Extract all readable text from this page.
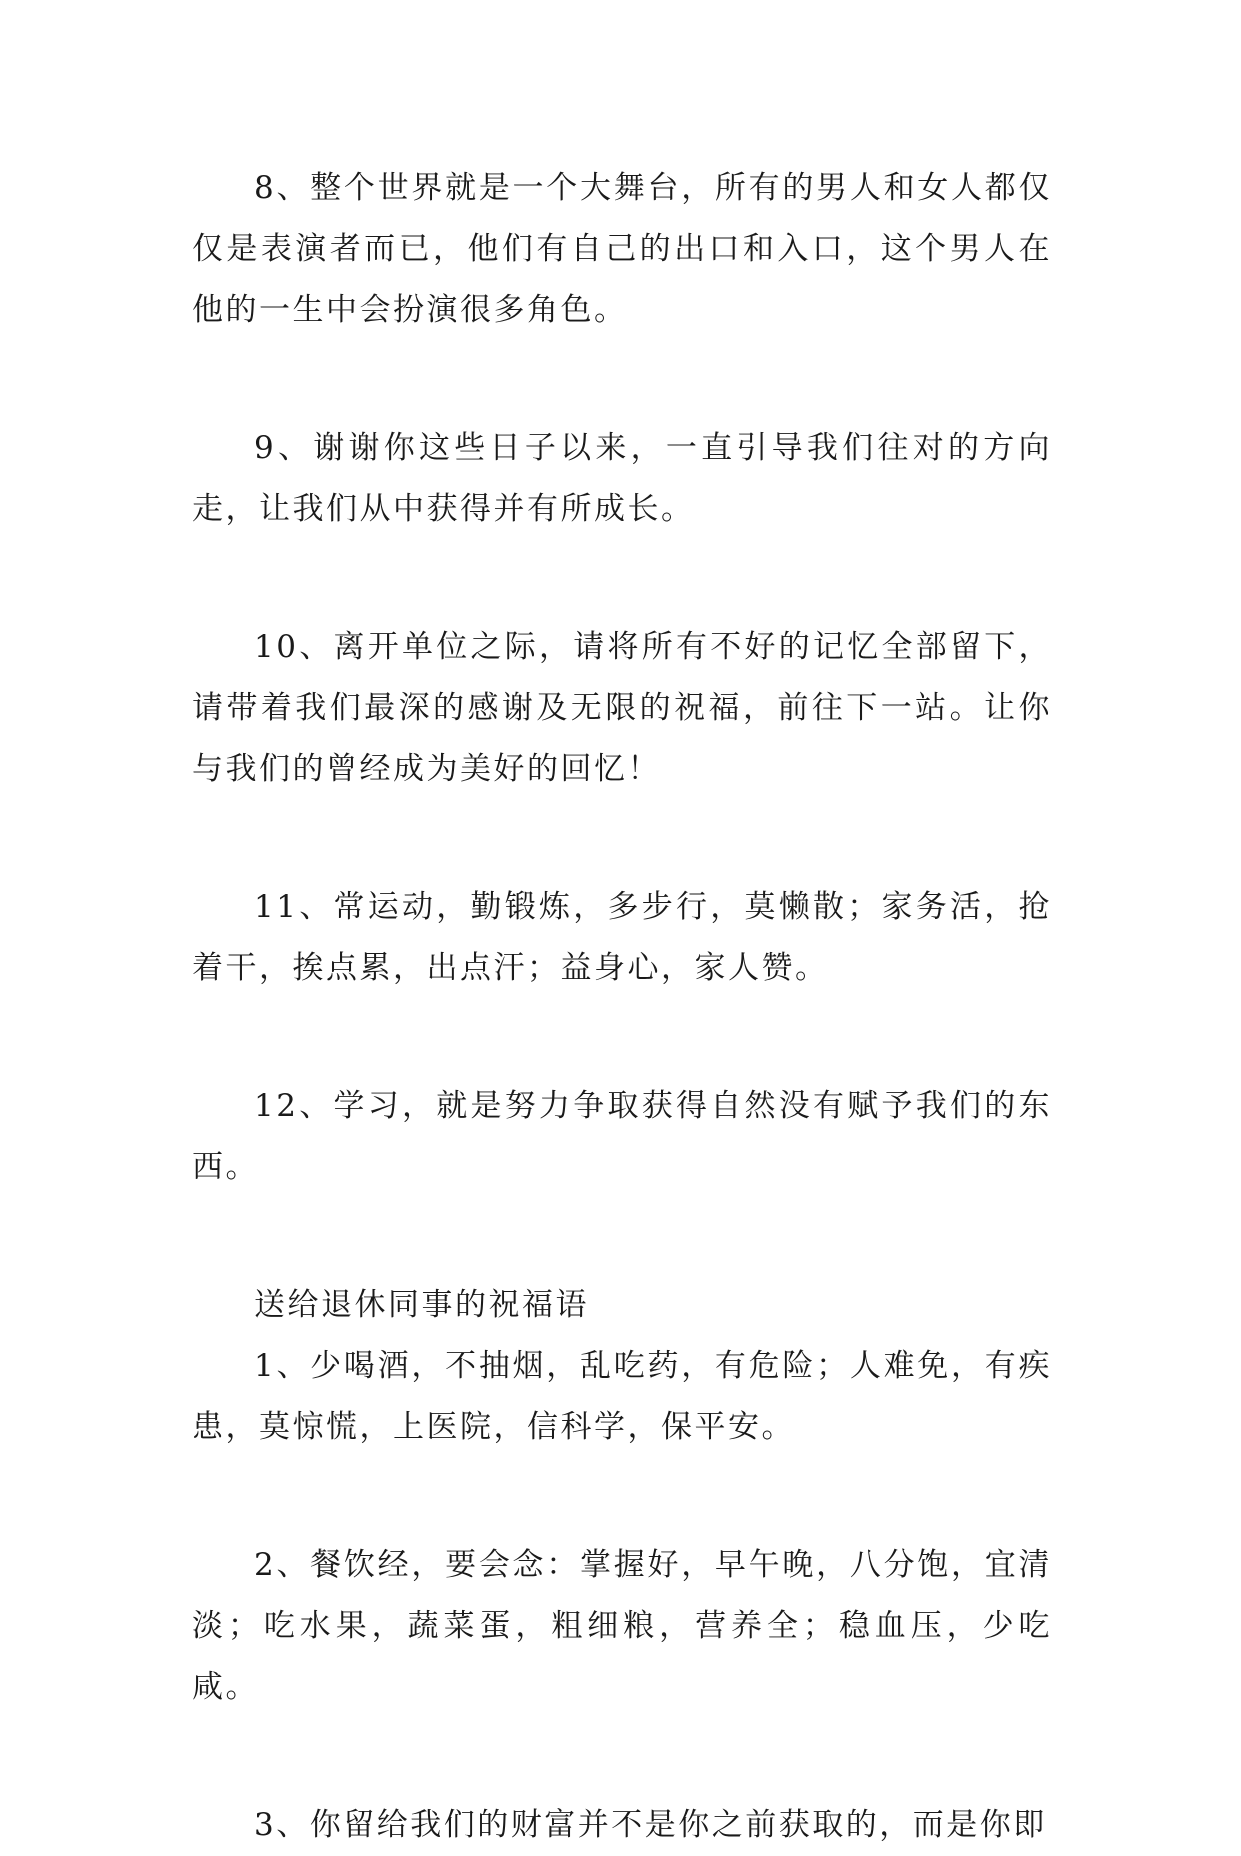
8、整个世界就是一个大舞台，所有的男人和女人都仅仅是表演者而已，他们有自己的出口和入口，这个男人在他的一生中会扮演很多角色。

9、谢谢你这些日子以来，一直引导我们往对的方向走，让我们从中获得并有所成长。

10、离开单位之际，请将所有不好的记忆全部留下，请带着我们最深的感谢及无限的祝福，前往下一站。让你与我们的曾经成为美好的回忆！

11、常运动，勤锻炼，多步行，莫懒散；家务活，抢着干，挨点累，出点汗；益身心，家人赞。

12、学习，就是努力争取获得自然没有赋予我们的东西。

送给退休同事的祝福语

1、少喝酒，不抽烟，乱吃药，有危险；人难免，有疾患，莫惊慌，上医院，信科学，保平安。

2、餐饮经，要会念：掌握好，早午晚，八分饱，宜清淡；吃水果，蔬菜蛋，粗细粮，营养全；稳血压，少吃咸。

3、你留给我们的财富并不是你之前获取的，而是你即
